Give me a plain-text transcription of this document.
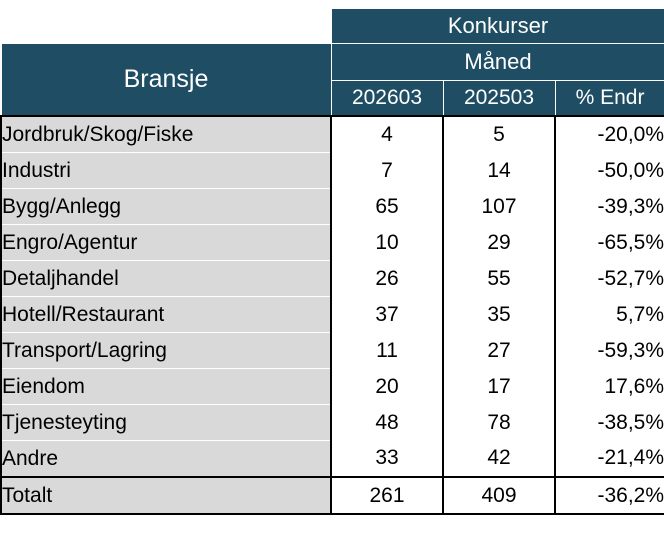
	Konkurser		
Bransje	Måned		
	202603	202503	% Endr
Jordbruk/Skog/Fiske	4	5	-20,0%
Industri	7	14	-50,0%
Bygg/Anlegg	65	107	-39,3%
Engro/Agentur	10	29	-65,5%
Detaljhandel	26	55	-52,7%
Hotell/Restaurant	37	35	5,7%
Transport/Lagring	11	27	-59,3%
Eiendom	20	17	17,6%
Tjenesteyting	48	78	-38,5%
Andre	33	42	-21,4%
Totalt	261	409	-36,2%
